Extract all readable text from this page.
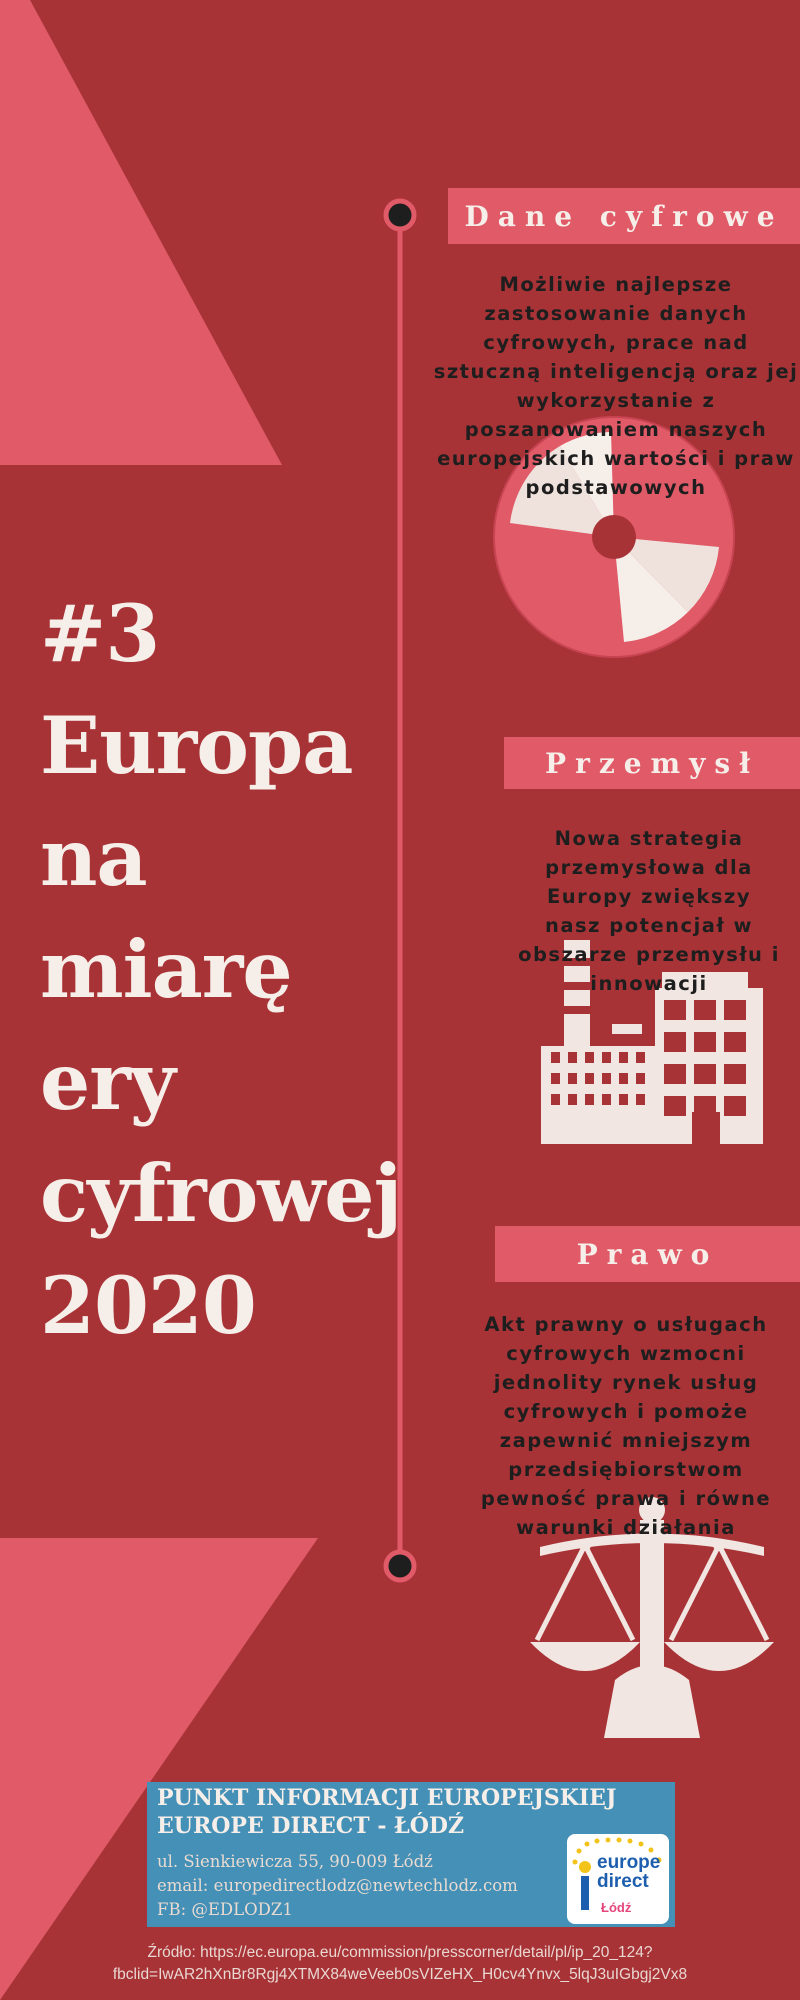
#3
Europa
na
miarę
ery
cyfrowej
2020
Dane cyfrowe
Możliwie najlepsze zastosowanie danych cyfrowych, prace nad sztuczną inteligencją oraz jej wykorzystanie z poszanowaniem naszych europejskich wartości i praw podstawowych
Przemysł
Nowa strategia przemysłowa dla Europy zwiększy nasz potencjał w obszarze przemysłu i innowacji
Prawo
Akt prawny o usługach cyfrowych wzmocni jednolity rynek usług cyfrowych i pomoże zapewnić mniejszym przedsiębiorstwom pewność prawa i równe warunki działania
PUNKT INFORMACJI EUROPEJSKIEJ
EUROPE DIRECT - ŁÓDŹ
ul. Sienkiewicza 55, 90-009 Łódź
email: europedirectlodz@newtechlodz.com
FB: @EDLODZ1
europe
direct
Łódź
Źródło: https://ec.europa.eu/commission/presscorner/detail/pl/ip_20_124?
fbclid=IwAR2hXnBr8Rgj4XTMX84weVeeb0sVIZeHX_H0cv4Ynvx_5lqJ3uIGbgj2Vx8
